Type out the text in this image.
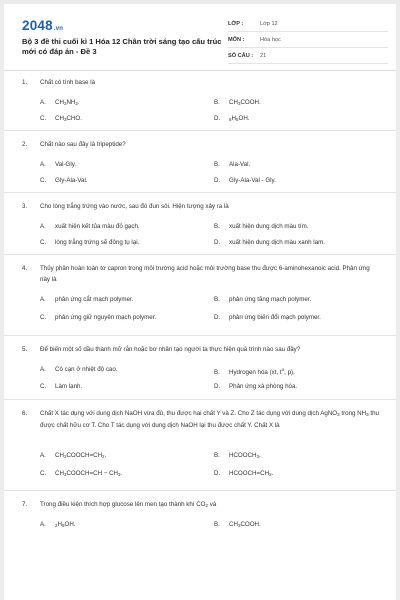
2048.vn
Bộ 3 đề thi cuối kì 1 Hóa 12 Chân trời sáng tạo cấu trúc mới có đáp án - Đề 3
LỚP :	Lớp 12
MÔN :	Hóa học
SỐ CÂU :	21
1. Chất có tính base là
A. $CH_3NH_2$.	B. $CH_3COOH$.
C. $CH_3CHO$.	D. $_6H_5OH$.
2. Chất nào sau đây là tripeptide?
A. Val-Gly.	B. Ala-Val.
C. Gly-Ala-Val.	D. Gly-Ala-Val - Gly.
3. Cho lòng trắng trứng vào nước, sau đó đun sôi. Hiện tượng xảy ra là
A. xuất hiện kết tủa màu đỏ gạch.	B. xuất hiện dung dịch màu tím.
C. lòng trắng trứng sẽ đông tụ lại.	D. xuất hiện dung dịch màu xanh lam.
4. Thủy phân hoàn toàn tơ capron trong môi trường acid hoặc môi trường base thu được 6-aminohexanoic acid. Phản ứng này là
A. phản ứng cắt mạch polymer.	B. phản ứng tăng mạch polymer.
C. phản ứng giữ nguyên mạch polymer.	D. phản ứng biến đổi mạch polymer.
5. Để biến một số dầu thành mỡ rắn hoặc bơ nhân tạo người ta thực hiện quá trình nào sau đây?
A. Cô cạn ở nhiệt độ cao.	B. Hydrogen hóa (xt, $t^o$, p).
C. Làm lạnh.	D. Phản ứng xà phòng hóa.
6. Chất X tác dụng với dung dịch NaOH vừa đủ, thu được hai chất Y và Z. Cho Z tác dụng với dung dịch AgNO$_3$ trong $NH_3$ thu được chất hữu cơ T. Cho T tác dụng với dung dịch NaOH lại thu được chất Y. Chất X là
A. $CH_3COOCH=CH_2$.	B. $HCOOCH_3$.
C. $CH_3COOCH=CH - CH_3$.	D. $HCOOCH=CH_2$.
7. Trong điều kiện thích hợp glucose lên men tạo thành khí $CO_2$ và
A. $_2H_5OH$.	B. $CH_3COOH$.
